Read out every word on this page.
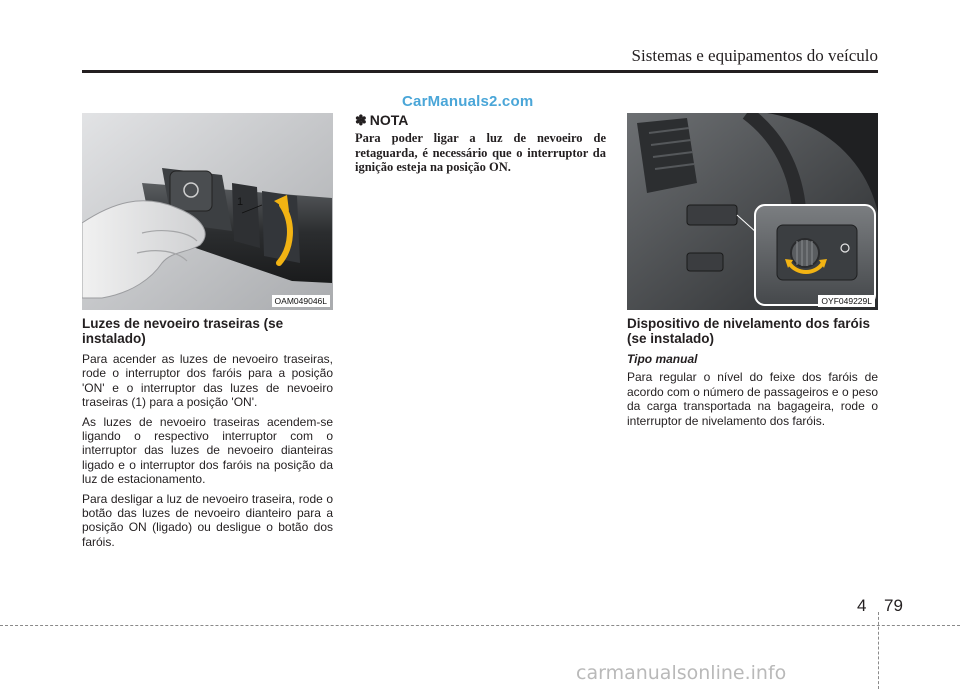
Sistemas e equipamentos do veículo
CarManuals2.com
1
OAM049046L	OYF049229L
Luzes de nevoeiro traseiras (se instalado)

Para acender as luzes de nevoeiro traseiras, rode o interruptor dos faróis para a posição 'ON' e o interruptor das luzes de nevoeiro traseiras (1) para a posição 'ON'.

As luzes de nevoeiro traseiras acendem-se ligando o respectivo interruptor com o interruptor das luzes de nevoeiro dianteiras ligado e o interruptor dos faróis na posição da luz de estacionamento.

Para desligar a luz de nevoeiro traseira, rode o botão das luzes de nevoeiro dianteiro para a posição ON (ligado) ou desligue o botão dos faróis.

✽ NOTA
Para poder ligar a luz de nevoeiro de retaguarda, é necessário que o interruptor da ignição esteja na posição ON.
Dispositivo de nivelamento dos faróis (se instalado)
Tipo manual

Para regular o nível do feixe dos faróis de acordo com o número de passageiros e o peso da carga transportada na bagageira, rode o interruptor de nivelamento dos faróis.

4 79
carmanualsonline.info
